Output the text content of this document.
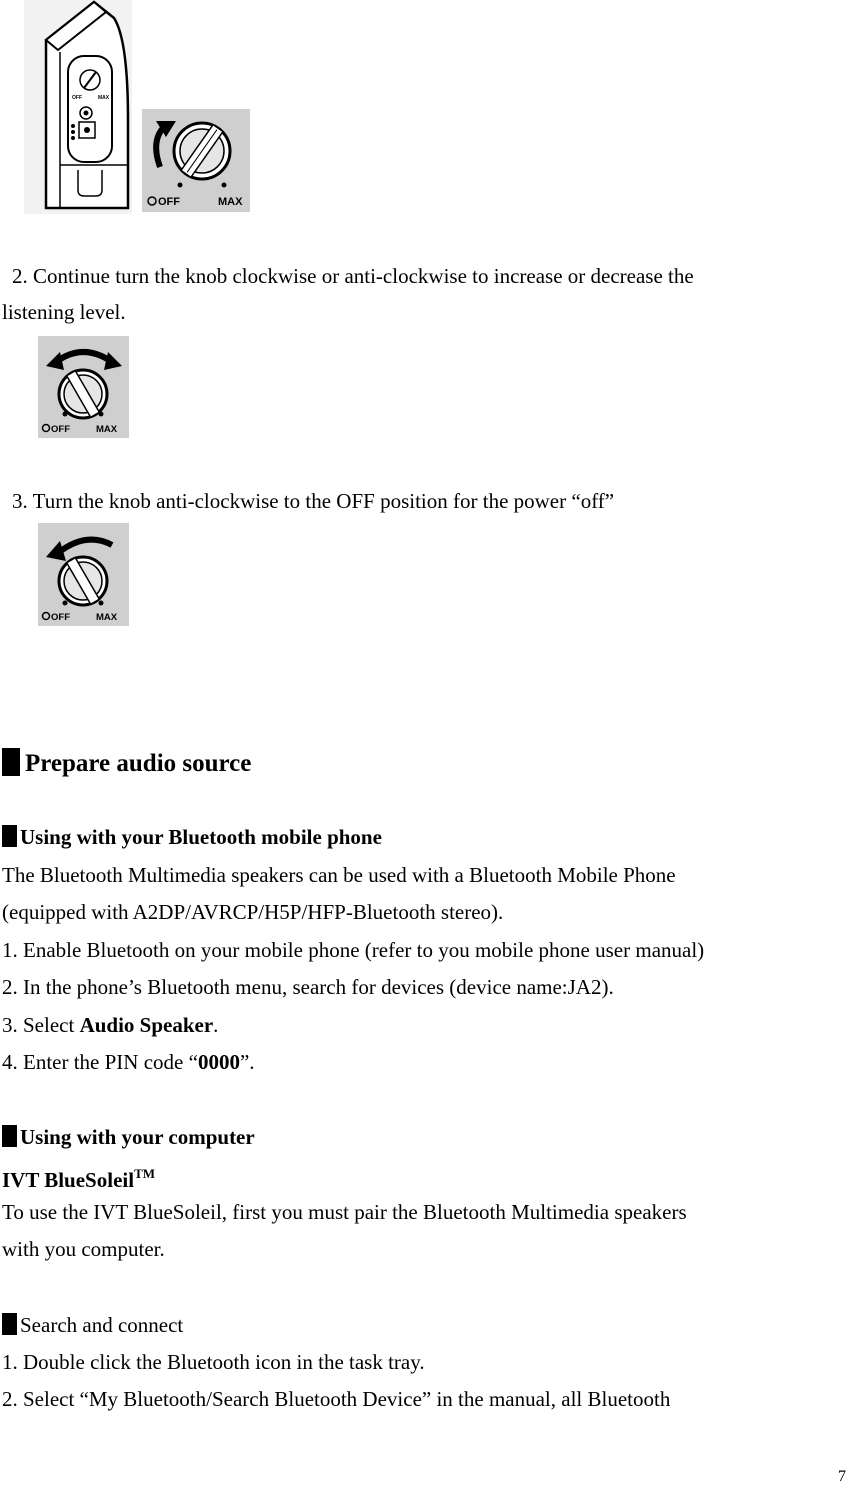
OFF	MAX
OFF	MAX
2. Continue turn the knob clockwise or anti-clockwise to increase or decrease the
listening level.
OFF	MAX
3. Turn the knob anti-clockwise to the OFF position for the power “off”
OFF	MAX
Prepare audio source
Using with your Bluetooth mobile phone
The Bluetooth Multimedia speakers can be used with a Bluetooth Mobile Phone
(equipped with A2DP/AVRCP/H5P/HFP-Bluetooth stereo).
1. Enable Bluetooth on your mobile phone (refer to you mobile phone user manual)
2. In the phone’s Bluetooth menu, search for devices (device name:JA2).
3. Select Audio Speaker.
4. Enter the PIN code “0000”.
Using with your computer
IVT BlueSoleil™
To use the IVT BlueSoleil, first you must pair the Bluetooth Multimedia speakers
with you computer.
Search and connect
1. Double click the Bluetooth icon in the task tray.
2. Select “My Bluetooth/Search Bluetooth Device” in the manual, all Bluetooth
7
